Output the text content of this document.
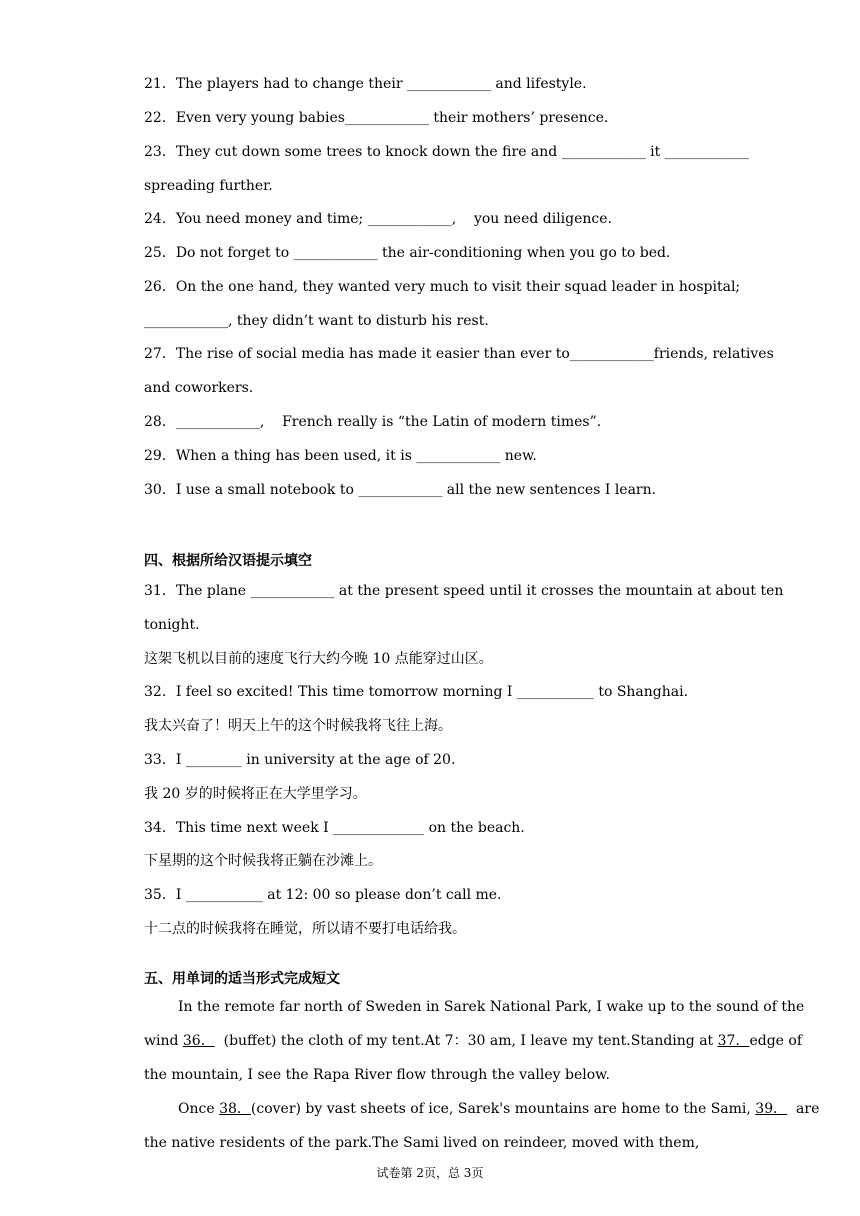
21．The players had to change their ____________ and lifestyle.
22．Even very young babies____________ their mothers’ presence.
23．They cut down some trees to knock down the fire and ____________ it ____________
spreading further.
24．You need money and time; ____________,    you need diligence.
25．Do not forget to ____________ the air-conditioning when you go to bed.
26．On the one hand, they wanted very much to visit their squad leader in hospital;
____________, they didn’t want to disturb his rest.
27．The rise of social media has made it easier than ever to____________friends, relatives
and coworkers.
28．____________,    French really is “the Latin of modern times”.
29．When a thing has been used, it is ____________ new.
30．I use a small notebook to ____________ all the new sentences I learn.
四、根据所给汉语提示填空
31．The plane ____________ at the present speed until it crosses the mountain at about ten
tonight.
这架飞机以目前的速度飞行大约今晚 10 点能穿过山区。
32．I feel so excited! This time tomorrow morning I ___________ to Shanghai.
我太兴奋了！明天上午的这个时候我将飞往上海。
33．I ________ in university at the age of 20.
我 20 岁的时候将正在大学里学习。
34．This time next week I _____________ on the beach.
下星期的这个时候我将正躺在沙滩上。
35．I ___________ at 12: 00 so please don’t call me.
十二点的时候我将在睡觉，所以请不要打电话给我。
五、用单词的适当形式完成短文
In the remote far north of Sweden in Sarek National Park, I wake up to the sound of the
wind 36．  (buffet) the cloth of my tent.At 7：30 am, I leave my tent.Standing at 37．edge of
the mountain, I see the Rapa River flow through the valley below.
Once 38．(cover) by vast sheets of ice, Sarek's mountains are home to the Sami, 39．  are
the native residents of the park.The Sami lived on reindeer, moved with them,
试卷第 2页，总 3页
